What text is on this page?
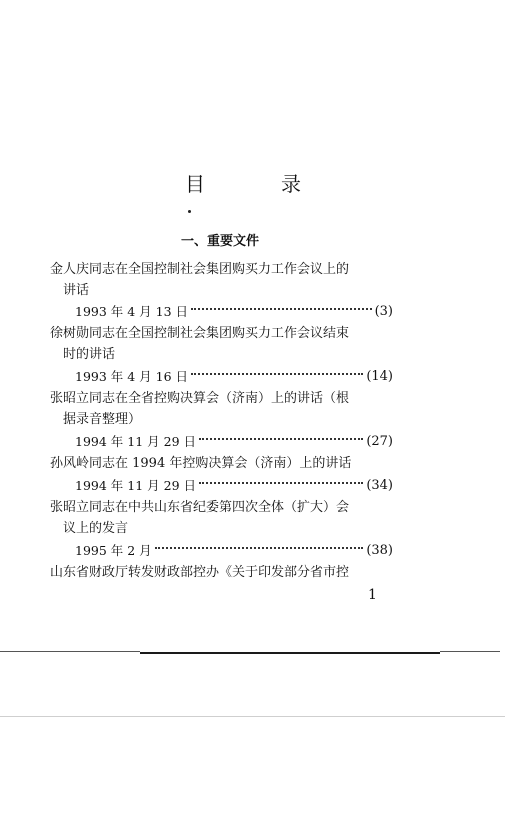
目　录
一、重要文件
金人庆同志在全国控制社会集团购买力工作会议上的
讲话
1993 年 4 月 13 日	(3)
徐树勋同志在全国控制社会集团购买力工作会议结束
时的讲话
1993 年 4 月 16 日	(14)
张昭立同志在全省控购决算会（济南）上的讲话（根
据录音整理）
1994 年 11 月 29 日	(27)
孙风岭同志在 1994 年控购决算会（济南）上的讲话
1994 年 11 月 29 日	(34)
张昭立同志在中共山东省纪委第四次全体（扩大）会
议上的发言
1995 年 2 月	(38)
山东省财政厅转发财政部控办《关于印发部分省市控
1
